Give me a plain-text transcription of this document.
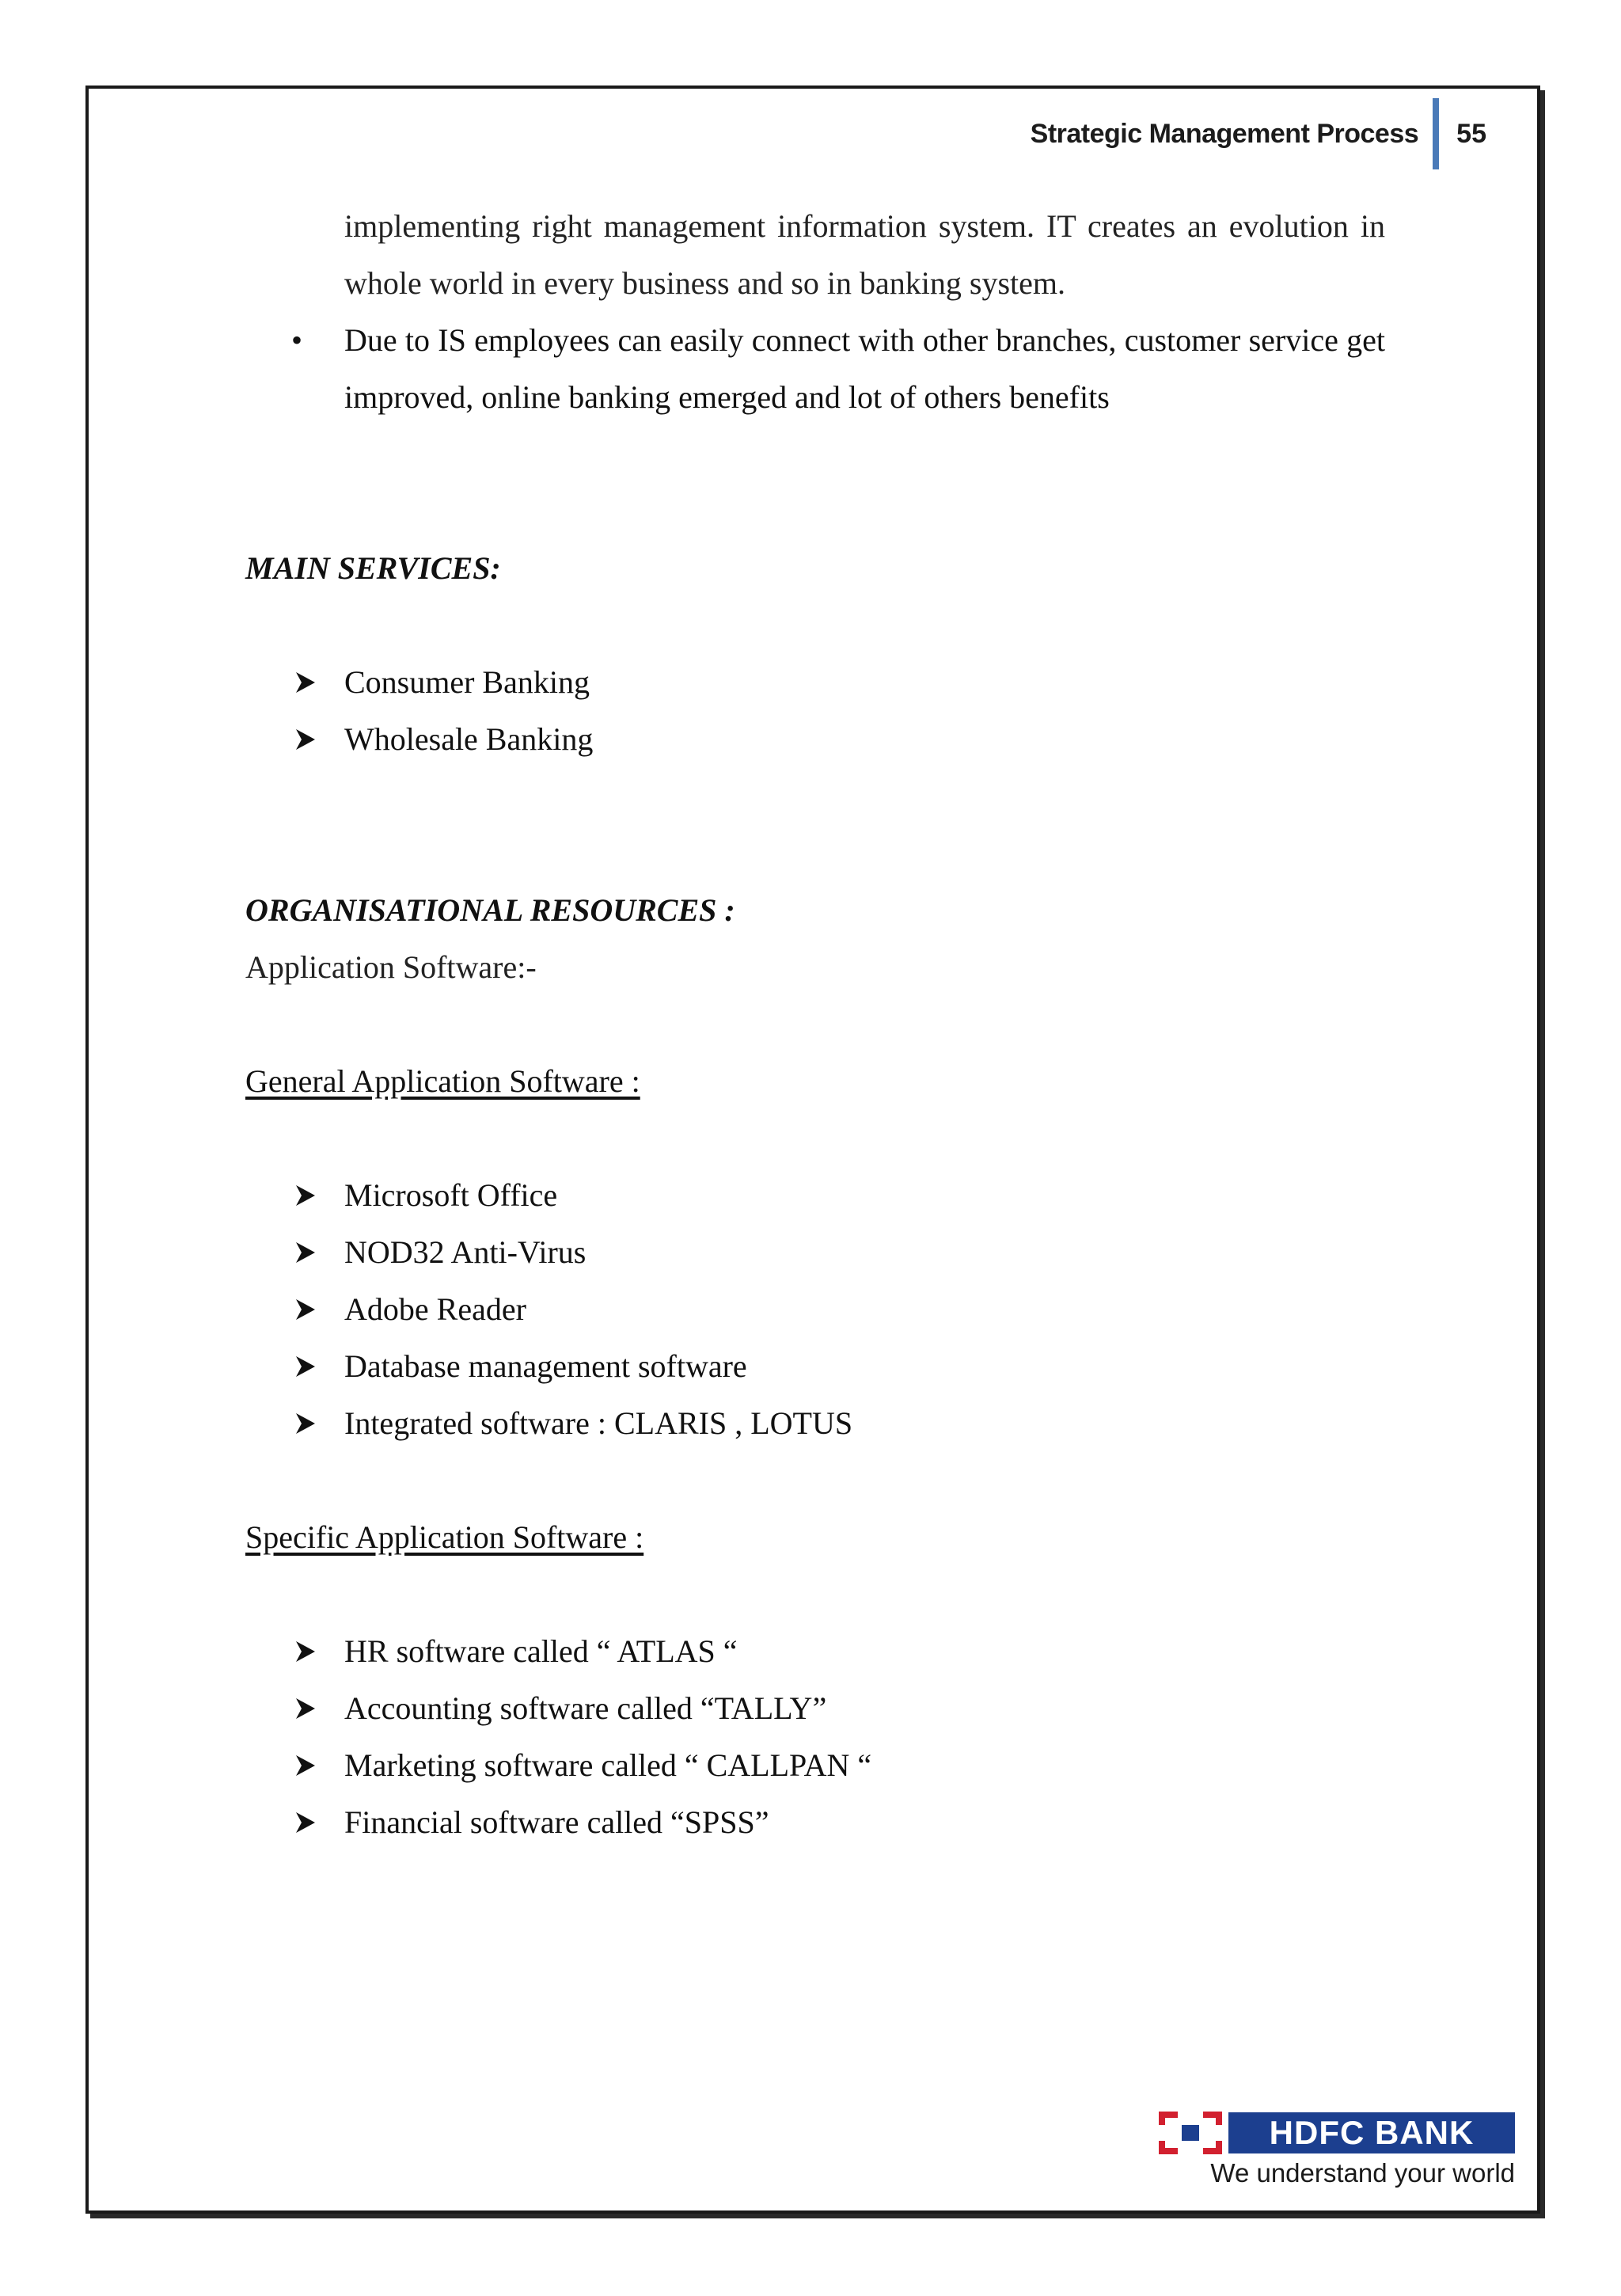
Strategic Management Process 55

implementing right management information system. IT creates an evolution in whole world in every business and so in banking system.

•	Due to IS employees can easily connect with other branches, customer service get improved, online banking emerged and lot of others benefits

MAIN SERVICES:

Consumer Banking
Wholesale Banking

ORGANISATIONAL RESOURCES :

Application Software:-

General Application Software :

Microsoft Office
NOD32 Anti-Virus
Adobe Reader
Database management software
Integrated software : CLARIS , LOTUS

Specific Application Software :

HR software called “ ATLAS “
Accounting software called “TALLY”
Marketing software called “ CALLPAN “
Financial software called “SPSS”
HDFC BANK
We understand your world
